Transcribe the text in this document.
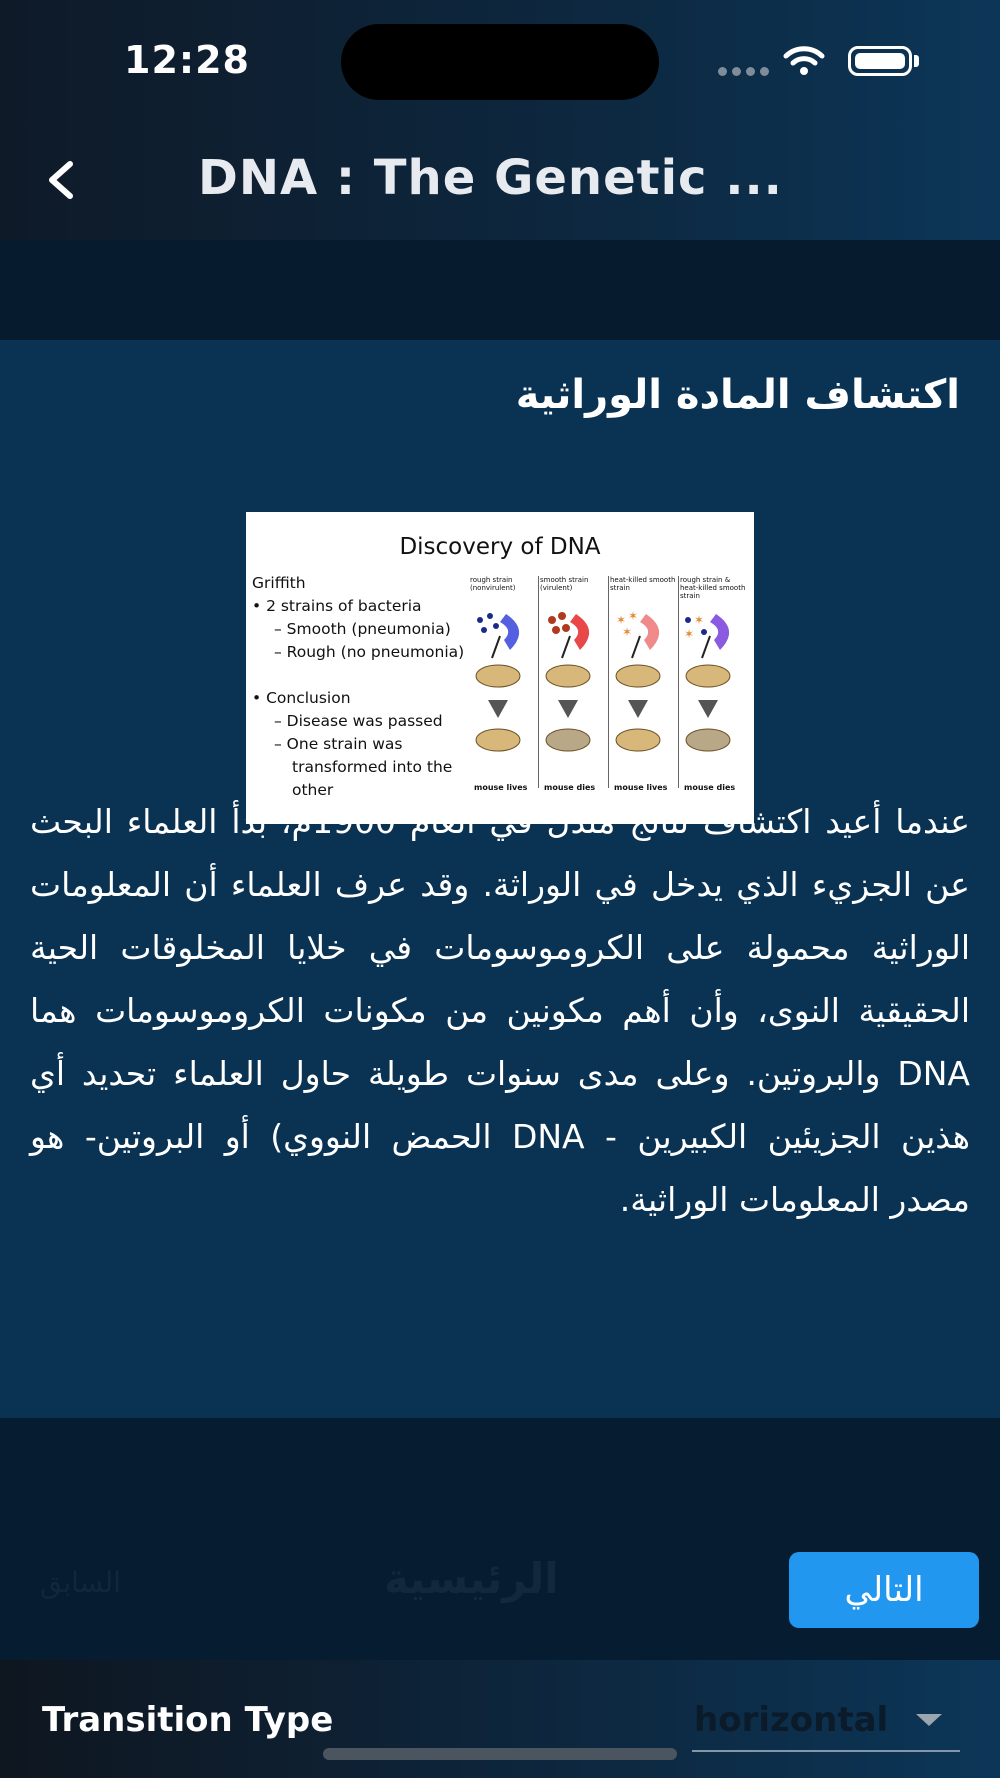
12:28
DNA : The Genetic ...
اكتشاف المادة الوراثية
Discovery of DNA
Griffith
• 2 strains of bacteria
– Smooth (pneumonia)
– Rough (no pneumonia)

• Conclusion
– Disease was passed
– One strain was
transformed into the
other
rough strain (nonvirulent)
mouse lives
smooth strain (virulent)
mouse dies
heat-killed smooth strain
✶ ✶
✶
mouse lives
rough strain & heat-killed smooth strain
✶
✶
mouse dies
عندما أعيد اكتشاف نتائج مندل في العام 1900م، بدأ العلماء البحث عن الجزيء الذي يدخل في الوراثة. وقد عرف العلماء أن المعلومات الوراثية محمولة على الكروموسومات في خلايا المخلوقات الحية الحقيقية النوى، وأن أهم مكونين من مكونات الكروموسومات هما DNA والبروتين. وعلى مدى سنوات طويلة حاول العلماء تحديد أي هذين الجزيئين الكبيرين - DNA الحمض النووي) أو البروتين- هو مصدر المعلومات الوراثية.
السابق	الرئيسية	التالي
Transition Type	horizontal
